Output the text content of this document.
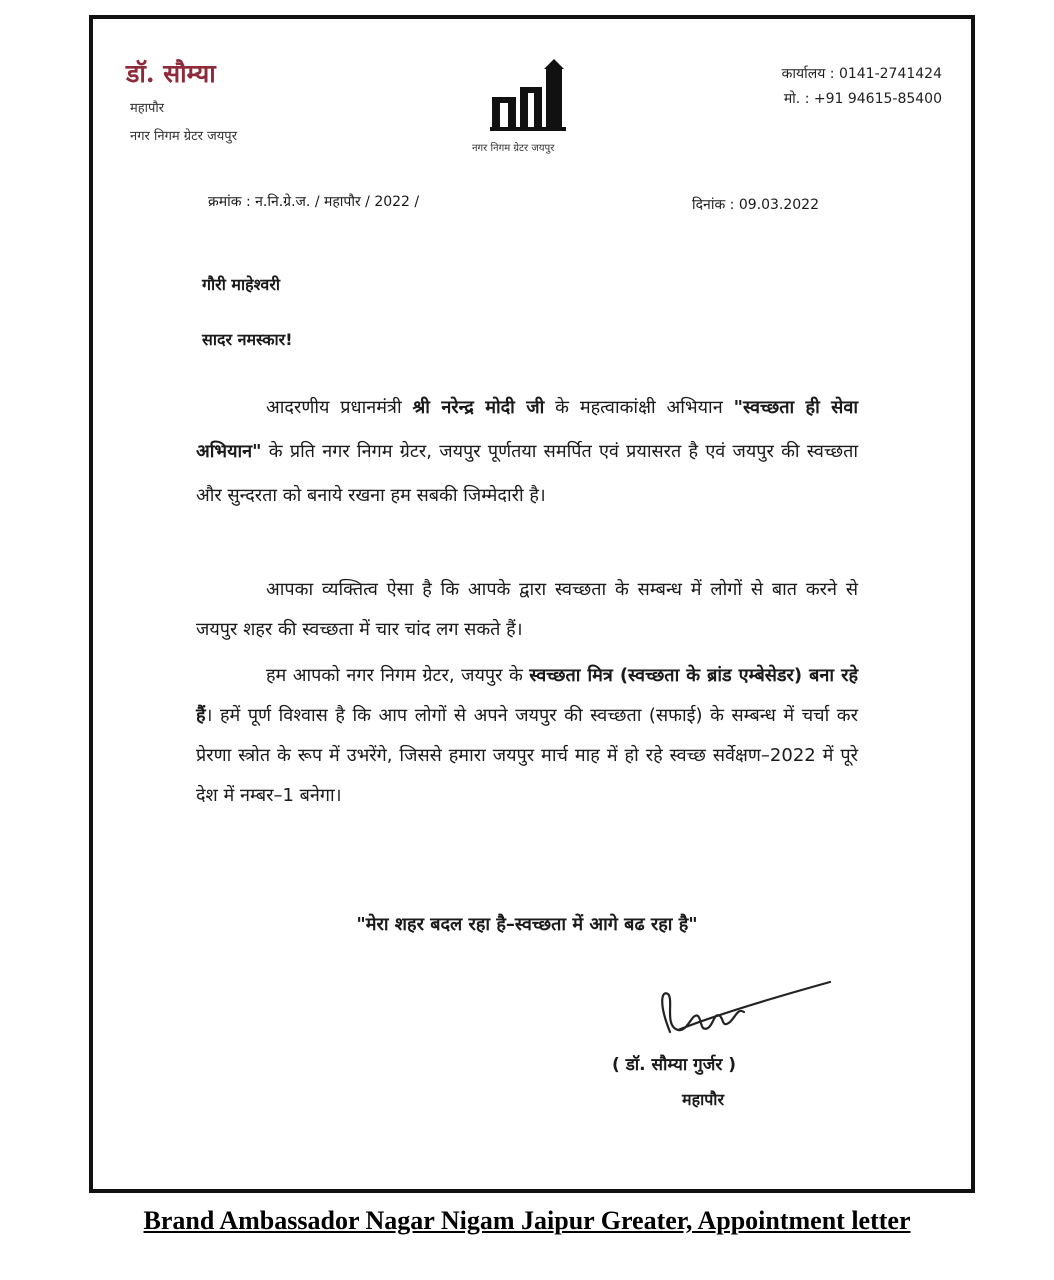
डॉ. सौम्या
महापौर
नगर निगम ग्रेटर जयपुर
नगर निगम ग्रेटर जयपुर
कार्यालय : 0141-2741424
मो. : +91 94615-85400
क्रमांक : न.नि.ग्रे.ज. / महापौर / 2022 /	दिनांक : 09.03.2022
गौरी माहेश्वरी
सादर नमस्कार!
आदरणीय प्रधानमंत्री श्री नरेन्द्र मोदी जी के महत्वाकांक्षी अभियान "स्वच्छता ही सेवा अभियान" के प्रति नगर निगम ग्रेटर, जयपुर पूर्णतया समर्पित एवं प्रयासरत है एवं जयपुर की स्वच्छता और सुन्दरता को बनाये रखना हम सबकी जिम्मेदारी है।
आपका व्यक्तित्व ऐसा है कि आपके द्वारा स्वच्छता के सम्बन्ध में लोगों से बात करने से जयपुर शहर की स्वच्छता में चार चांद लग सकते हैं।
हम आपको नगर निगम ग्रेटर, जयपुर के स्वच्छता मित्र (स्वच्छता के ब्रांड एम्बेसेडर) बना रहे हैं। हमें पूर्ण विश्वास है कि आप लोगों से अपने जयपुर की स्वच्छता (सफाई) के सम्बन्ध में चर्चा कर प्रेरणा स्त्रोत के रूप में उभरेंगे, जिससे हमारा जयपुर मार्च माह में हो रहे स्वच्छ सर्वेक्षण–2022 में पूरे देश में नम्बर–1 बनेगा।
"मेरा शहर बदल रहा है–स्वच्छता में आगे बढ रहा है"
( डॉ. सौम्या गुर्जर )
महापौर
Brand Ambassador Nagar Nigam Jaipur Greater, Appointment letter
